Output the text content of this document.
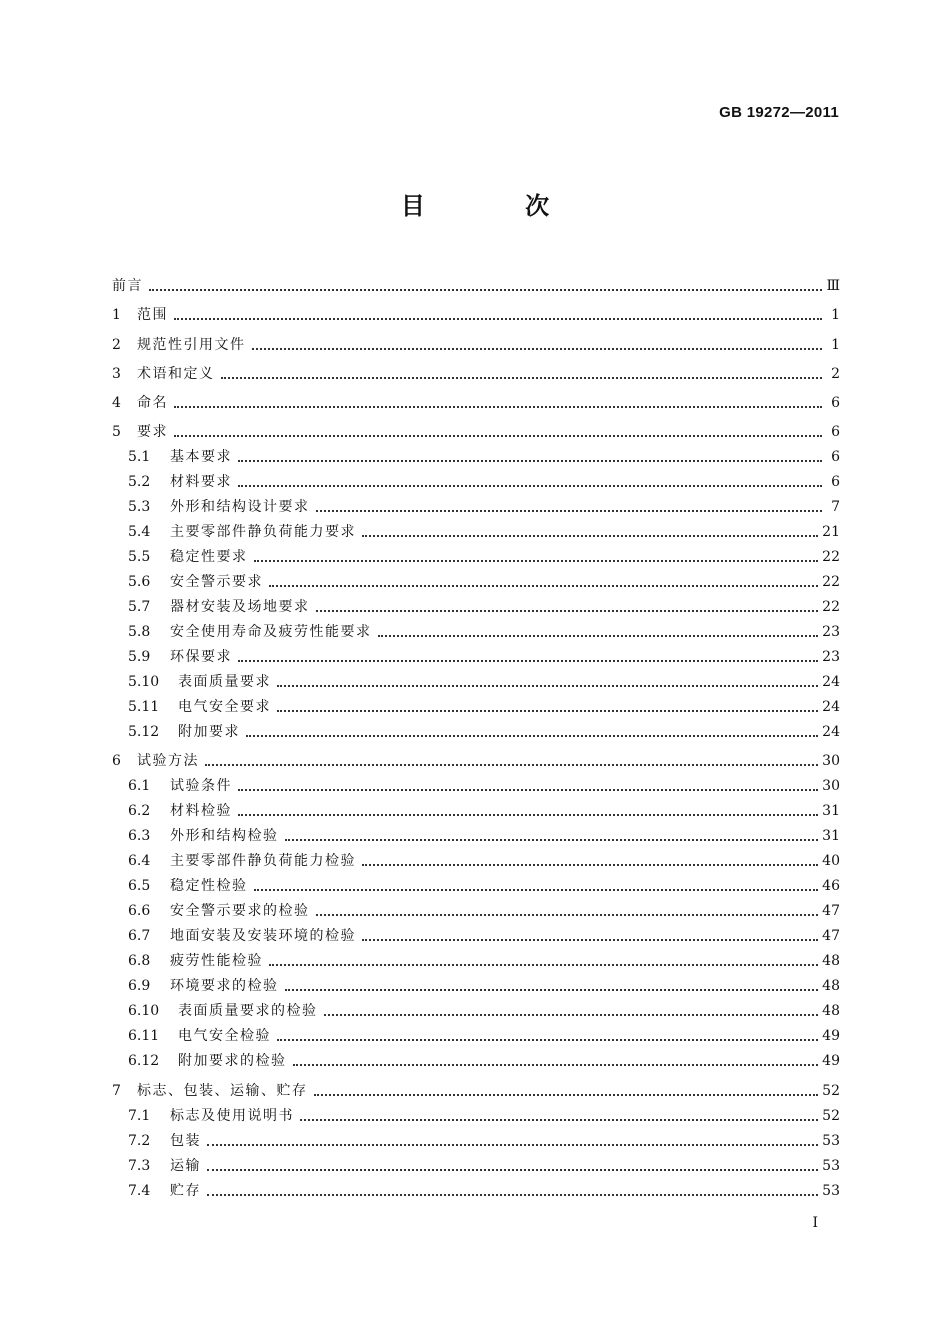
GB 19272—2011
目 次
前言	Ⅲ
1	范围	1
2	规范性引用文件	1
3	术语和定义	2
4	命名	6
5	要求	6
5.1	基本要求	6
5.2	材料要求	6
5.3	外形和结构设计要求	7
5.4	主要零部件静负荷能力要求	21
5.5	稳定性要求	22
5.6	安全警示要求	22
5.7	器材安装及场地要求	22
5.8	安全使用寿命及疲劳性能要求	23
5.9	环保要求	23
5.10	表面质量要求	24
5.11	电气安全要求	24
5.12	附加要求	24
6	试验方法	30
6.1	试验条件	30
6.2	材料检验	31
6.3	外形和结构检验	31
6.4	主要零部件静负荷能力检验	40
6.5	稳定性检验	46
6.6	安全警示要求的检验	47
6.7	地面安装及安装环境的检验	47
6.8	疲劳性能检验	48
6.9	环境要求的检验	48
6.10	表面质量要求的检验	48
6.11	电气安全检验	49
6.12	附加要求的检验	49
7	标志、包装、运输、贮存	52
7.1	标志及使用说明书	52
7.2	包装	53
7.3	运输	53
7.4	贮存	53
I
